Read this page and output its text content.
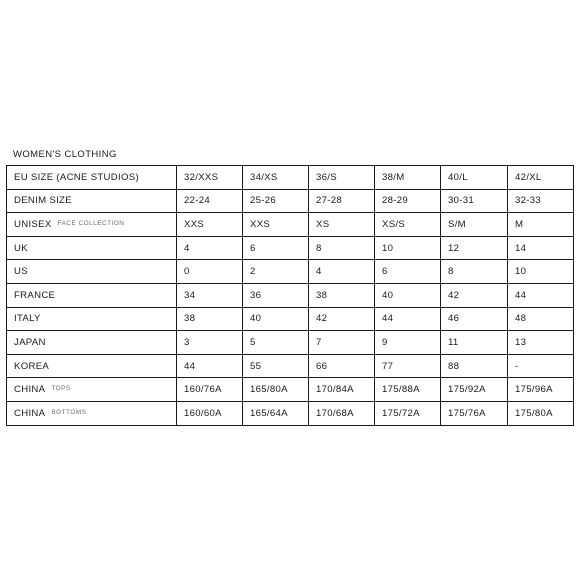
WOMEN'S CLOTHING
EU SIZE (ACNE STUDIOS)	32/XXS	34/XS	36/S	38/M	40/L	42/XL
DENIM SIZE	22-24	25-26	27-28	28-29	30-31	32-33
UNISEX $^{FACE COLLECTION}$	XXS	XXS	XS	XS/S	S/M	M
UK	4	6	8	10	12	14
US	0	2	4	6	8	10
FRANCE	34	36	38	40	42	44
ITALY	38	40	42	44	46	48
JAPAN	3	5	7	9	11	13
KOREA	44	55	66	77	88	-
CHINA $^{TOPS}$	160/76A	165/80A	170/84A	175/88A	175/92A	175/96A
CHINA $^{BOTTOMS}$	160/60A	165/64A	170/68A	175/72A	175/76A	175/80A
